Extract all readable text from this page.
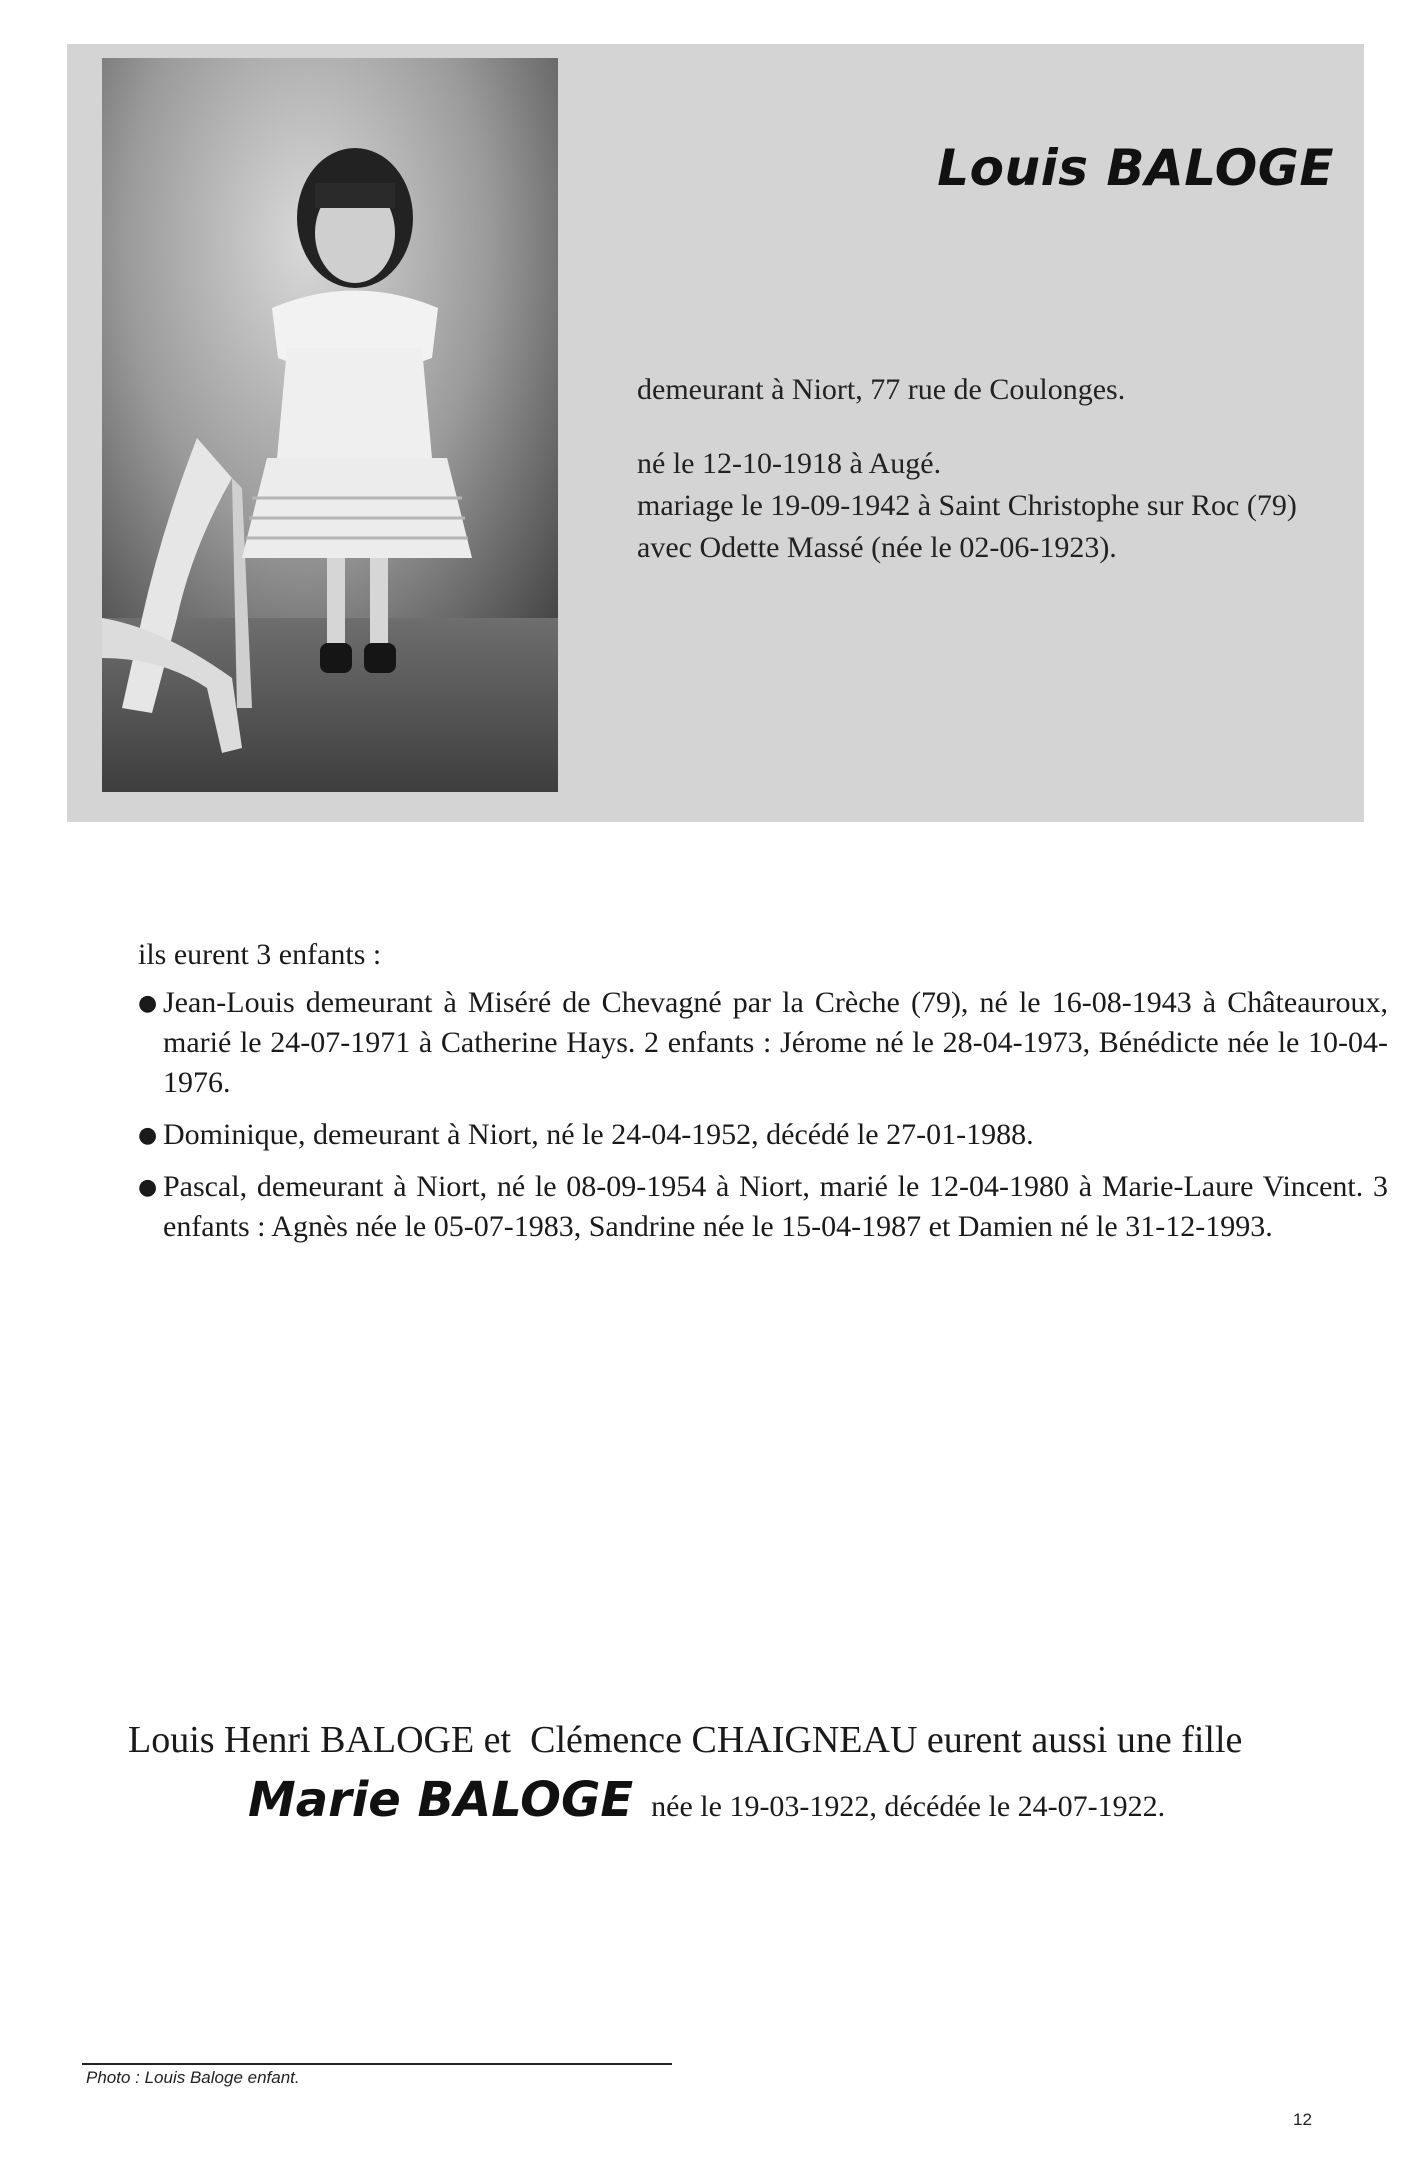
Louis BALOGE

demeurant à Niort, 77 rue de Coulonges.

né le 12-10-1918 à Augé.

mariage le 19-09-1942 à Saint Christophe sur Roc (79) avec Odette Massé (née le 02-06-1923).

ils eurent 3 enfants :

● Jean-Louis demeurant à Miséré de Chevagné par la Crèche (79), né le 16-08-1943 à Châteauroux, marié le 24-07-1971 à Catherine Hays. 2 enfants : Jérome né le 28-04-1973, Bénédicte née le 10-04-1976.

● Dominique, demeurant à Niort, né le 24-04-1952, décédé le 27-01-1988.

● Pascal, demeurant à Niort, né le 08-09-1954 à Niort, marié le 12-04-1980 à Marie-Laure Vincent. 3 enfants : Agnès née le 05-07-1983, Sandrine née le 15-04-1987 et Damien né le 31-12-1993.

Louis Henri BALOGE et  Clémence CHAIGNEAU eurent aussi une fille
Marie BALOGE née le 19-03-1922, décédée le 24-07-1922.
Photo : Louis Baloge enfant.
12
